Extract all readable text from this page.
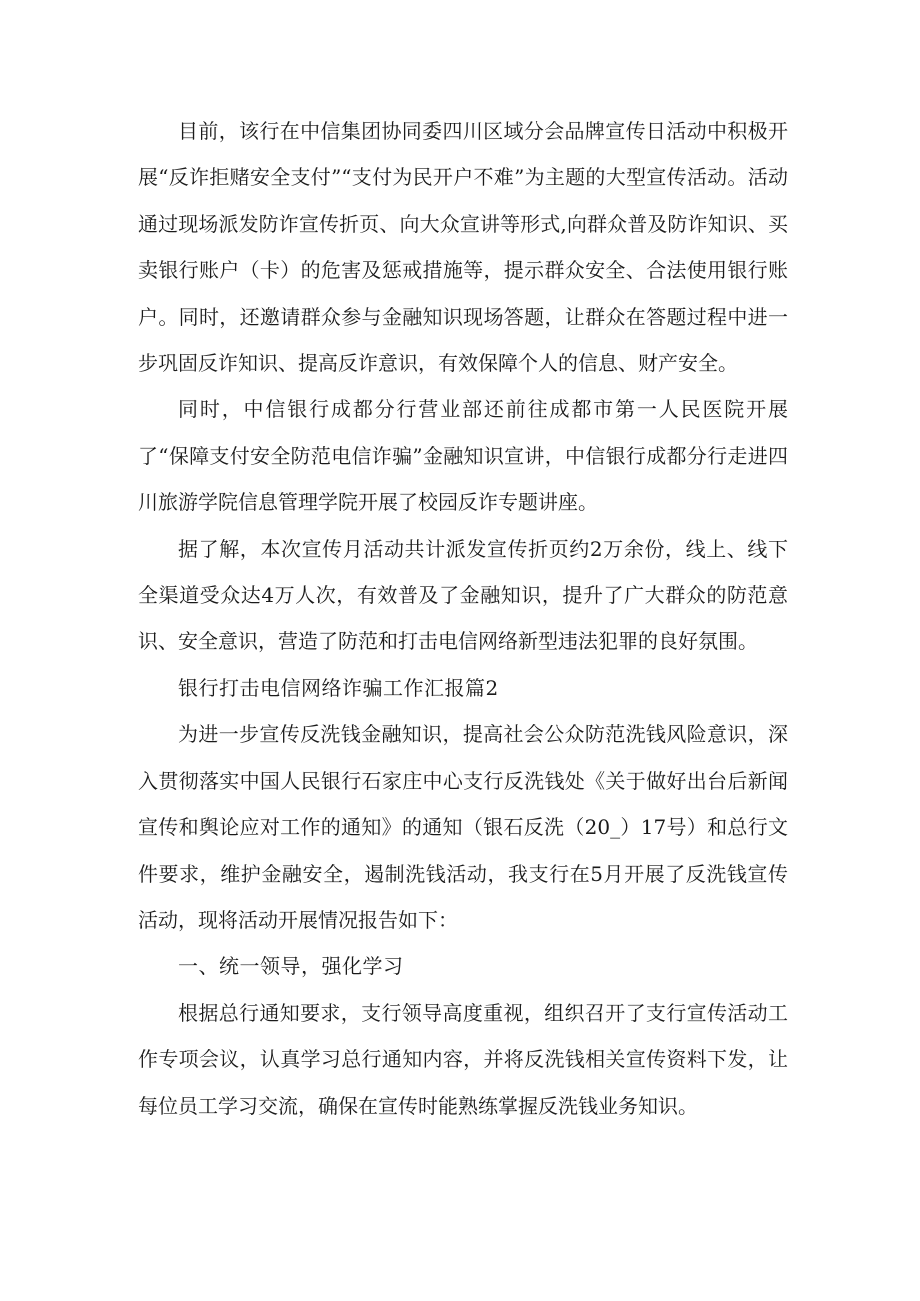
目前，该行在中信集团协同委四川区域分会品牌宣传日活动中积极开展“反诈拒赌安全支付”“支付为民开户不难”为主题的大型宣传活动。活动通过现场派发防诈宣传折页、向大众宣讲等形式,向群众普及防诈知识、买卖银行账户（卡）的危害及惩戒措施等，提示群众安全、合法使用银行账户。同时，还邀请群众参与金融知识现场答题，让群众在答题过程中进一步巩固反诈知识、提高反诈意识，有效保障个人的信息、财产安全。

同时，中信银行成都分行营业部还前往成都市第一人民医院开展了“保障支付安全防范电信诈骗”金融知识宣讲，中信银行成都分行走进四川旅游学院信息管理学院开展了校园反诈专题讲座。

据了解，本次宣传月活动共计派发宣传折页约2万余份，线上、线下全渠道受众达4万人次，有效普及了金融知识，提升了广大群众的防范意识、安全意识，营造了防范和打击电信网络新型违法犯罪的良好氛围。

银行打击电信网络诈骗工作汇报篇2

为进一步宣传反洗钱金融知识，提高社会公众防范洗钱风险意识，深入贯彻落实中国人民银行石家庄中心支行反洗钱处《关于做好出台后新闻宣传和舆论应对工作的通知》的通知（银石反洗（20_）17号）和总行文件要求，维护金融安全，遏制洗钱活动，我支行在5月开展了反洗钱宣传活动，现将活动开展情况报告如下：

一、统一领导，强化学习

根据总行通知要求，支行领导高度重视，组织召开了支行宣传活动工作专项会议，认真学习总行通知内容，并将反洗钱相关宣传资料下发，让每位员工学习交流，确保在宣传时能熟练掌握反洗钱业务知识。
